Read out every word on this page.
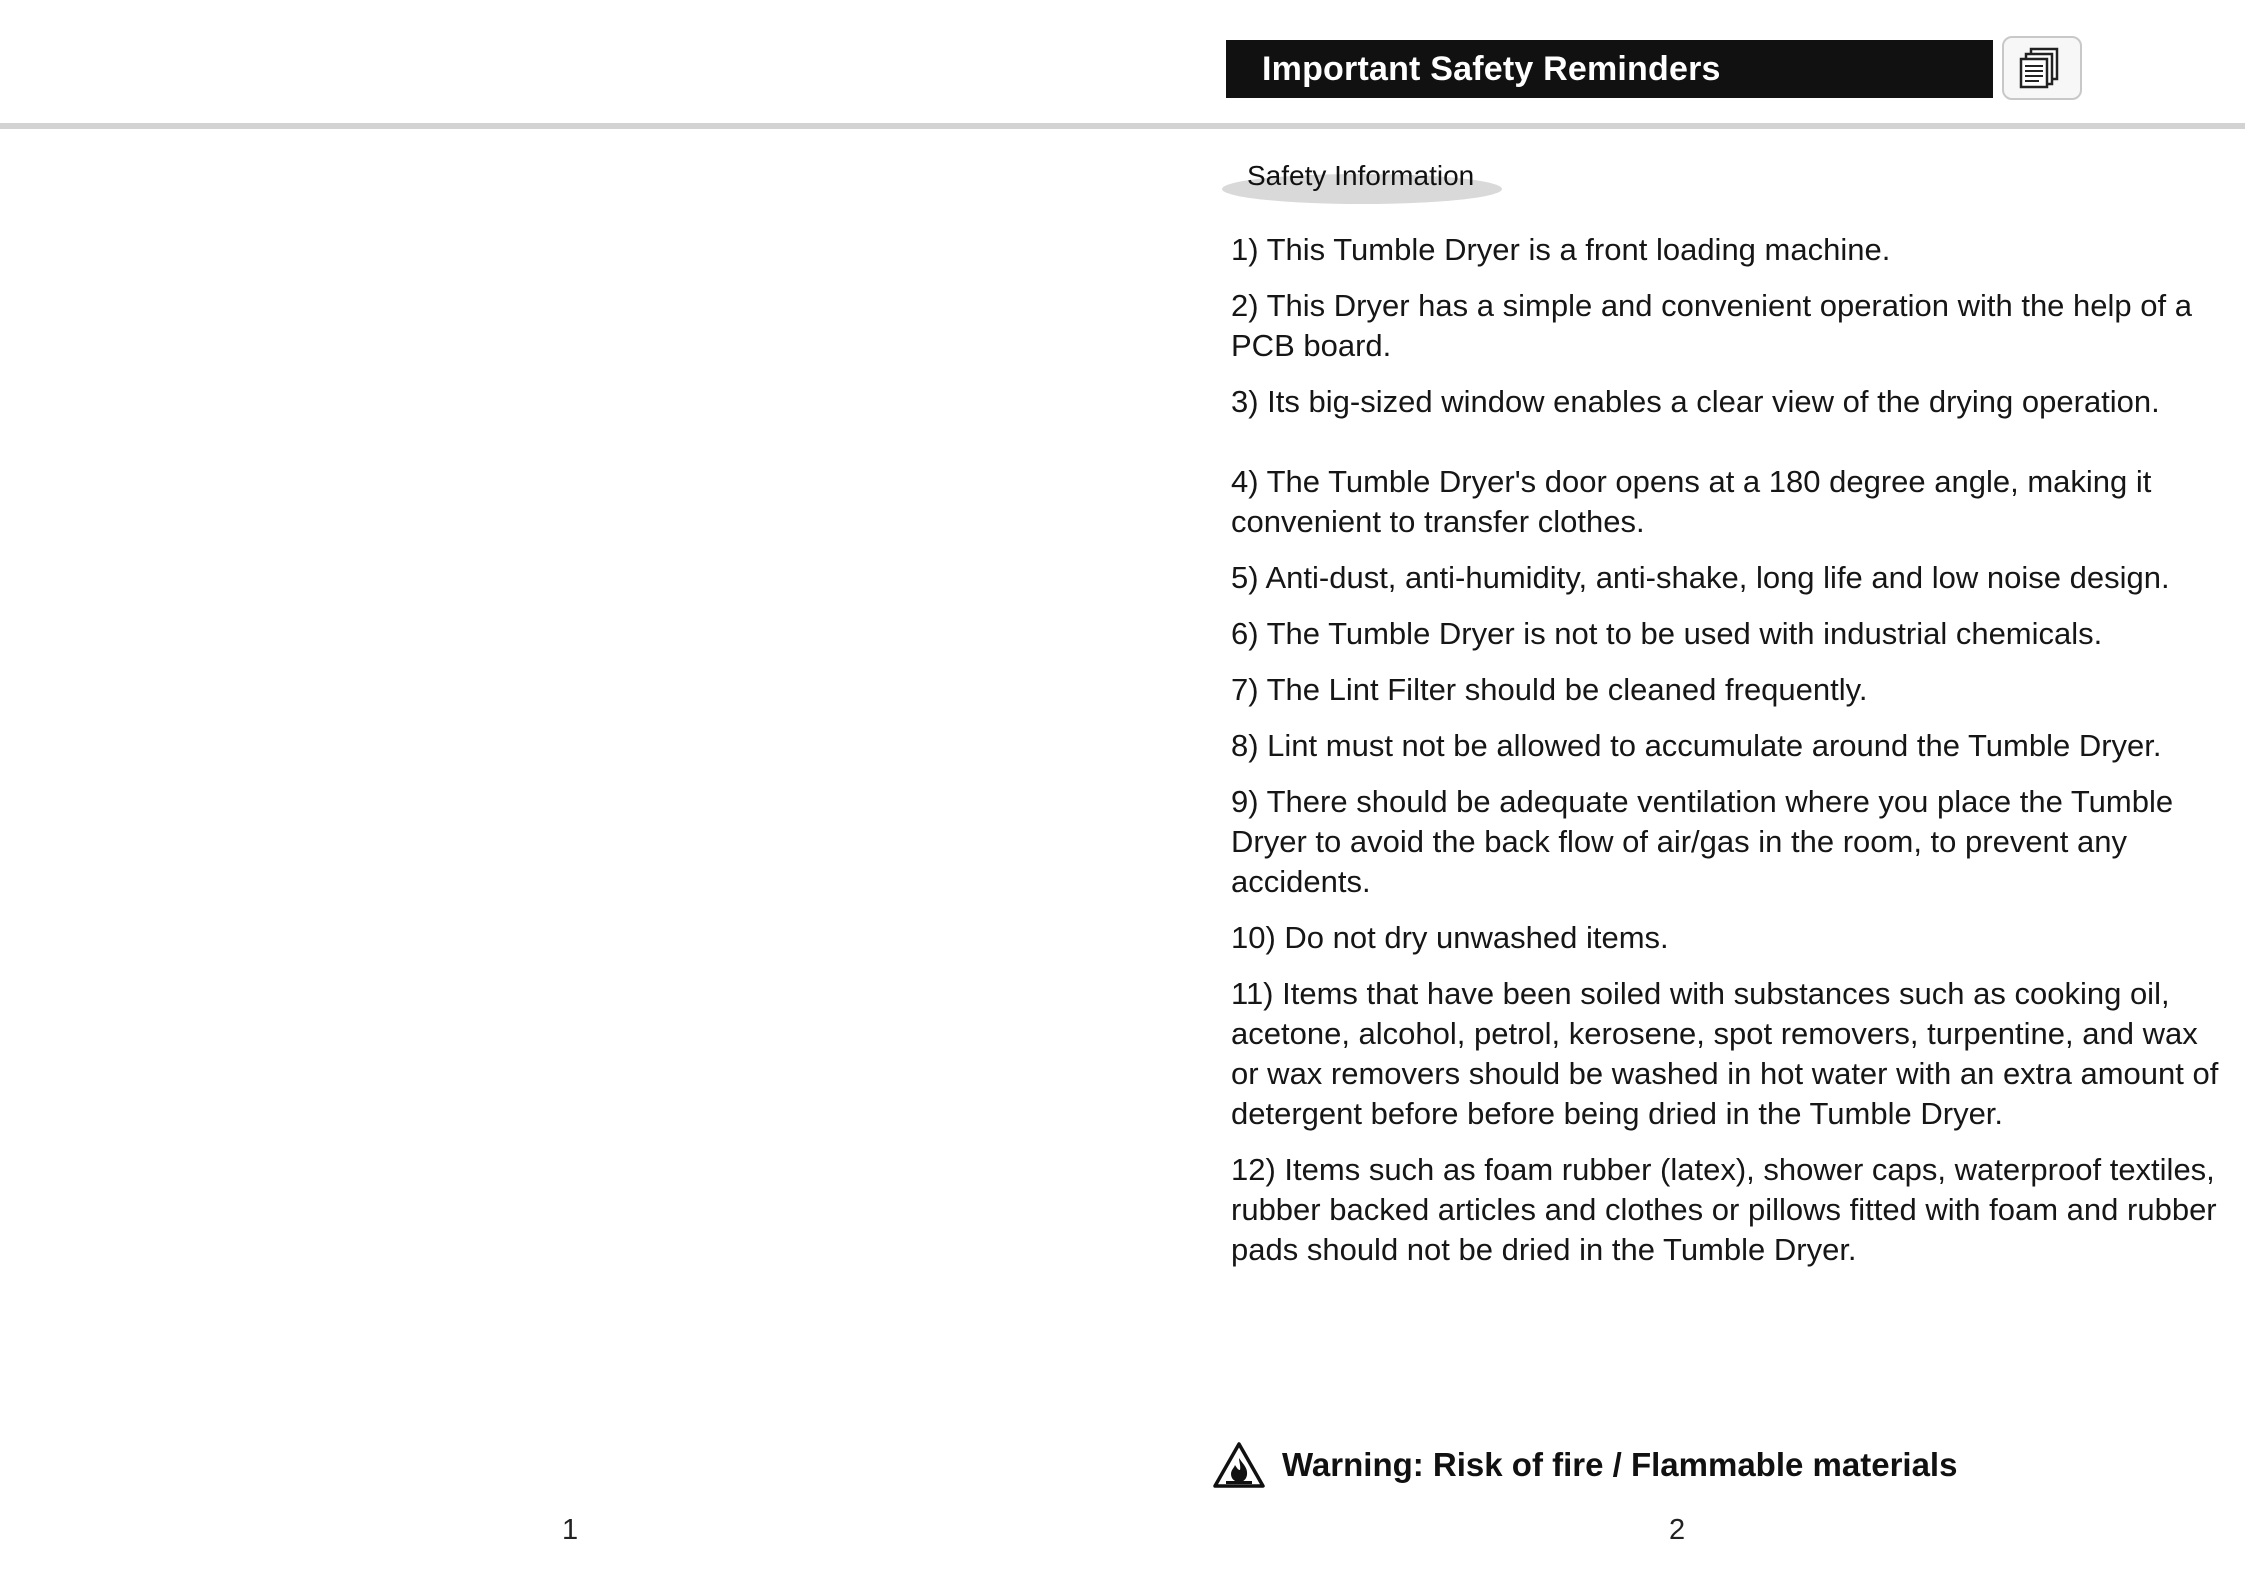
Important Safety Reminders
Safety Information
1) This Tumble Dryer is a front loading machine.
2) This Dryer has a simple and convenient operation with the help of a PCB board.
3) Its big-sized window enables a clear view of the drying operation.
4) The Tumble Dryer's door opens at a 180 degree angle, making it convenient to transfer clothes.
5) Anti-dust, anti-humidity, anti-shake, long life and low noise design.
6) The Tumble Dryer is not to be used with industrial chemicals.
7) The Lint Filter should be cleaned frequently.
8) Lint must not be allowed to accumulate around the Tumble Dryer.
9) There should be adequate ventilation where you place the Tumble Dryer to avoid the back flow of air/gas in the room, to prevent any accidents.
10) Do not dry unwashed items.
11) Items that have been soiled with substances such as cooking oil, acetone, alcohol, petrol, kerosene, spot removers, turpentine, and wax or wax removers should be washed in hot water with an extra amount of detergent before before being dried in the Tumble Dryer.
12) Items such as foam rubber (latex), shower caps, waterproof textiles, rubber backed articles and clothes or pillows fitted with foam and rubber pads should not be dried in the Tumble Dryer.
Warning: Risk of fire / Flammable materials
1	2
